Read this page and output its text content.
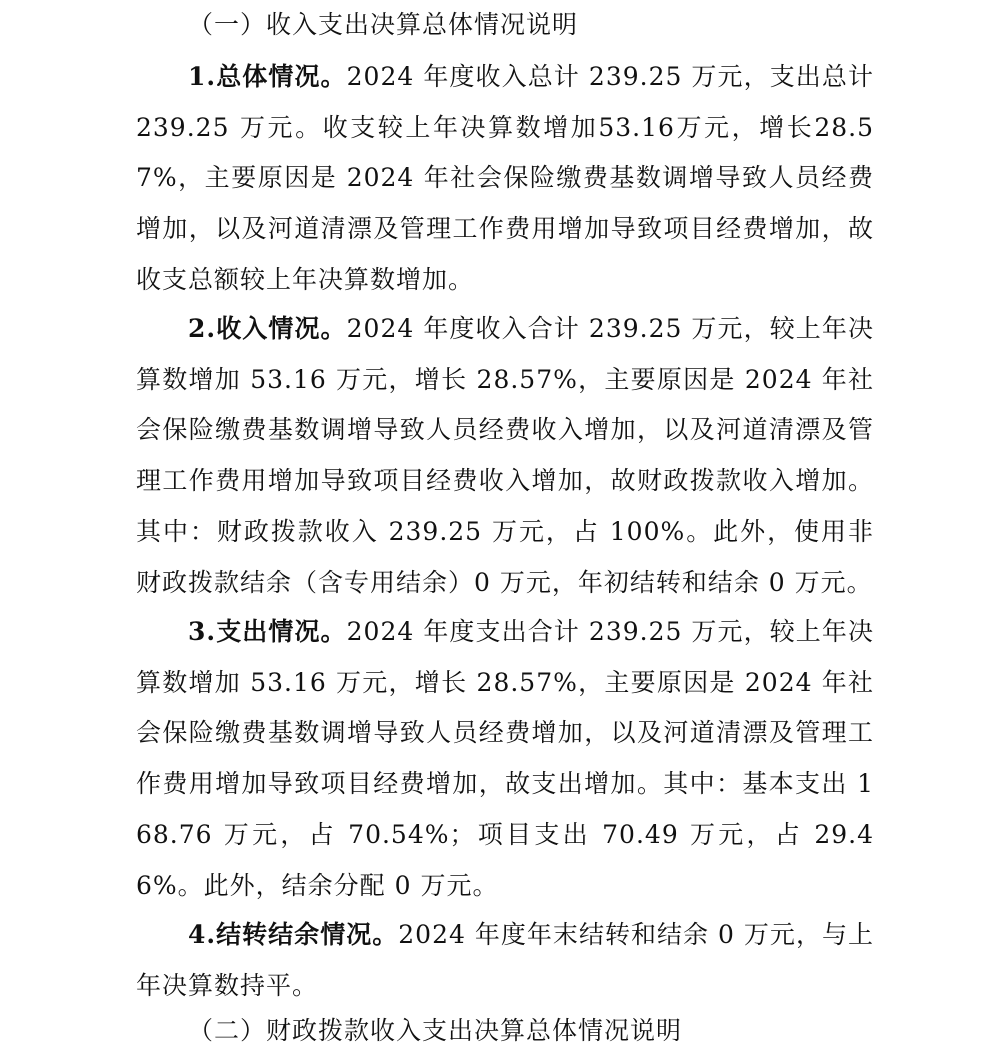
（一）收入支出决算总体情况说明

1.总体情况。2024 年度收入总计 239.25 万元，支出总计 239.25 万元。收支较上年决算数增加53.16万元，增长28.57%，主要原因是 2024 年社会保险缴费基数调增导致人员经费增加，以及河道清漂及管理工作费用增加导致项目经费增加，故收支总额较上年决算数增加。

2.收入情况。2024 年度收入合计 239.25 万元，较上年决算数增加 53.16 万元，增长 28.57%，主要原因是 2024 年社会保险缴费基数调增导致人员经费收入增加，以及河道清漂及管理工作费用增加导致项目经费收入增加，故财政拨款收入增加。其中：财政拨款收入 239.25 万元，占 100%。此外，使用非财政拨款结余（含专用结余）0 万元，年初结转和结余 0 万元。

3.支出情况。2024 年度支出合计 239.25 万元，较上年决算数增加 53.16 万元，增长 28.57%，主要原因是 2024 年社会保险缴费基数调增导致人员经费增加，以及河道清漂及管理工作费用增加导致项目经费增加，故支出增加。其中：基本支出 168.76 万元，占 70.54%；项目支出 70.49 万元，占 29.46%。此外，结余分配 0 万元。

4.结转结余情况。2024 年度年末结转和结余 0 万元，与上年决算数持平。

（二）财政拨款收入支出决算总体情况说明
